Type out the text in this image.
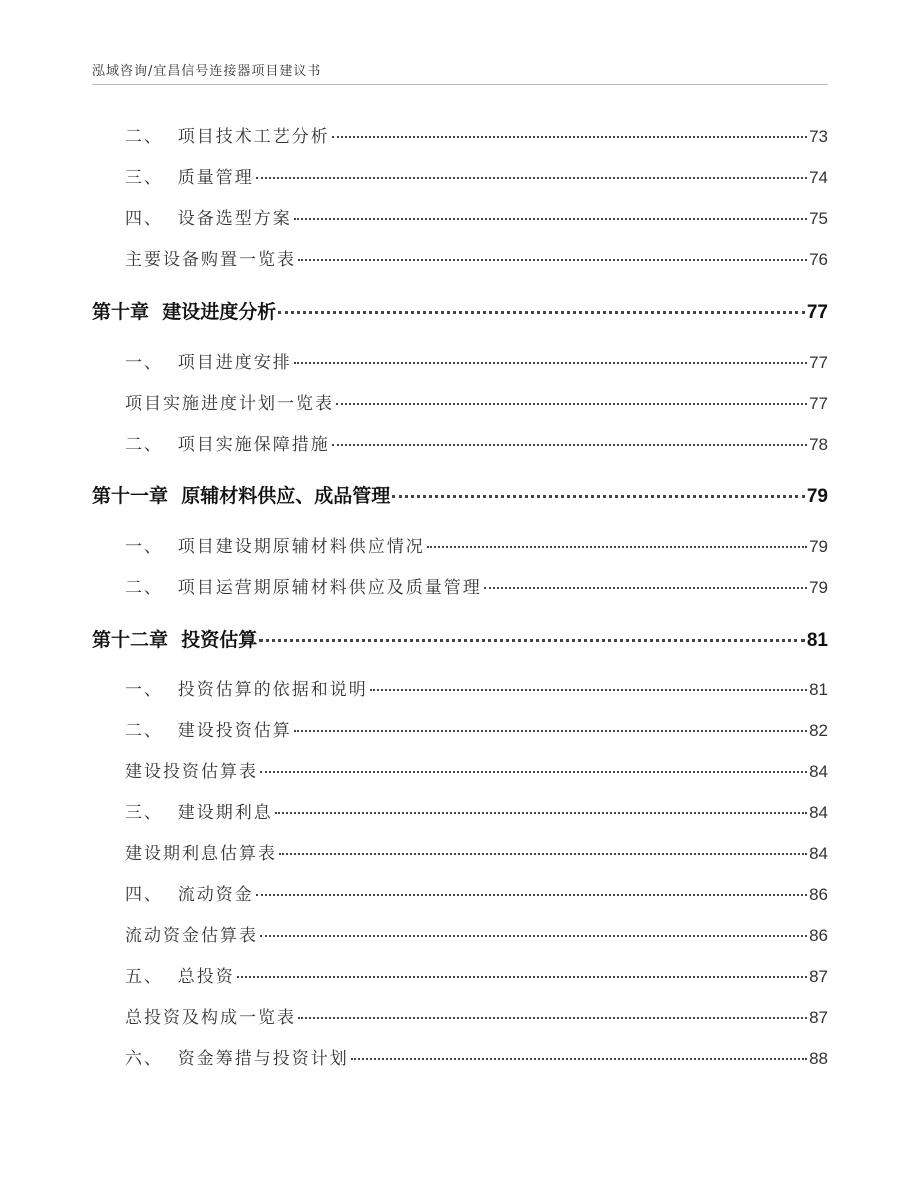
泓域咨询/宜昌信号连接器项目建议书
二、  项目技术工艺分析	73
三、  质量管理	74
四、  设备选型方案	75
主要设备购置一览表	76
第十章  建设进度分析	77
一、  项目进度安排	77
项目实施进度计划一览表	77
二、  项目实施保障措施	78
第十一章  原辅材料供应、成品管理	79
一、  项目建设期原辅材料供应情况	79
二、  项目运营期原辅材料供应及质量管理	79
第十二章  投资估算	81
一、  投资估算的依据和说明	81
二、  建设投资估算	82
建设投资估算表	84
三、  建设期利息	84
建设期利息估算表	84
四、  流动资金	86
流动资金估算表	86
五、  总投资	87
总投资及构成一览表	87
六、  资金筹措与投资计划	88
